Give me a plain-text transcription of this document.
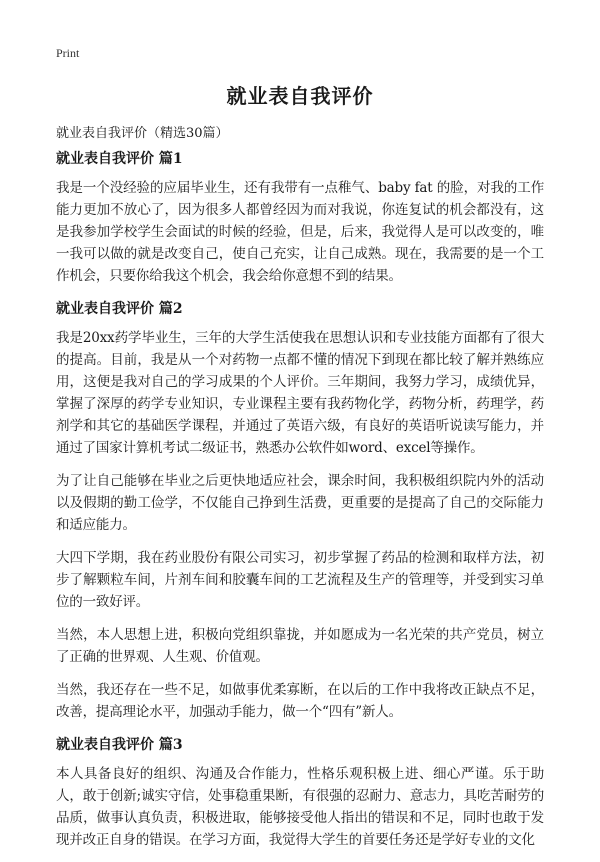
Print
就业表自我评价
就业表自我评价（精选30篇）
就业表自我评价 篇1

我是一个没经验的应届毕业生，还有我带有一点稚气、baby fat 的脸，对我的工作能力更加不放心了，因为很多人都曾经因为而对我说，你连复试的机会都没有，这是我参加学校学生会面试的时候的经验，但是，后来，我觉得人是可以改变的，唯一我可以做的就是改变自己，使自己充实，让自己成熟。现在，我需要的是一个工作机会，只要你给我这个机会，我会给你意想不到的结果。

就业表自我评价 篇2

我是20xx药学毕业生，三年的大学生活使我在思想认识和专业技能方面都有了很大的提高。目前，我是从一个对药物一点都不懂的情况下到现在都比较了解并熟练应用，这便是我对自己的学习成果的个人评价。三年期间，我努力学习，成绩优异，掌握了深厚的药学专业知识，专业课程主要有我药物化学，药物分析，药理学，药剂学和其它的基础医学课程，并通过了英语六级，有良好的英语听说读写能力，并通过了国家计算机考试二级证书，熟悉办公软件如word、excel等操作。

为了让自己能够在毕业之后更快地适应社会，课余时间，我积极组织院内外的活动以及假期的勤工俭学，不仅能自己挣到生活费，更重要的是提高了自己的交际能力和适应能力。

大四下学期，我在药业股份有限公司实习，初步掌握了药品的检测和取样方法，初步了解颗粒车间，片剂车间和胶囊车间的工艺流程及生产的管理等，并受到实习单位的一致好评。

当然，本人思想上进，积极向党组织靠拢，并如愿成为一名光荣的共产党员，树立了正确的世界观、人生观、价值观。

当然，我还存在一些不足，如做事优柔寡断，在以后的工作中我将改正缺点不足，改善，提高理论水平，加强动手能力，做一个“四有”新人。

就业表自我评价 篇3

本人具备良好的组织、沟通及合作能力，性格乐观积极上进、细心严谨。乐于助人，敢于创新;诚实守信，处事稳重果断，有很强的忍耐力、意志力，具吃苦耐劳的品质，做事认真负责，积极进取，能够接受他人指出的错误和不足，同时也敢于发现并改正自身的错误。在学习方面，我觉得大学生的首要任务还是学好专业的文化
